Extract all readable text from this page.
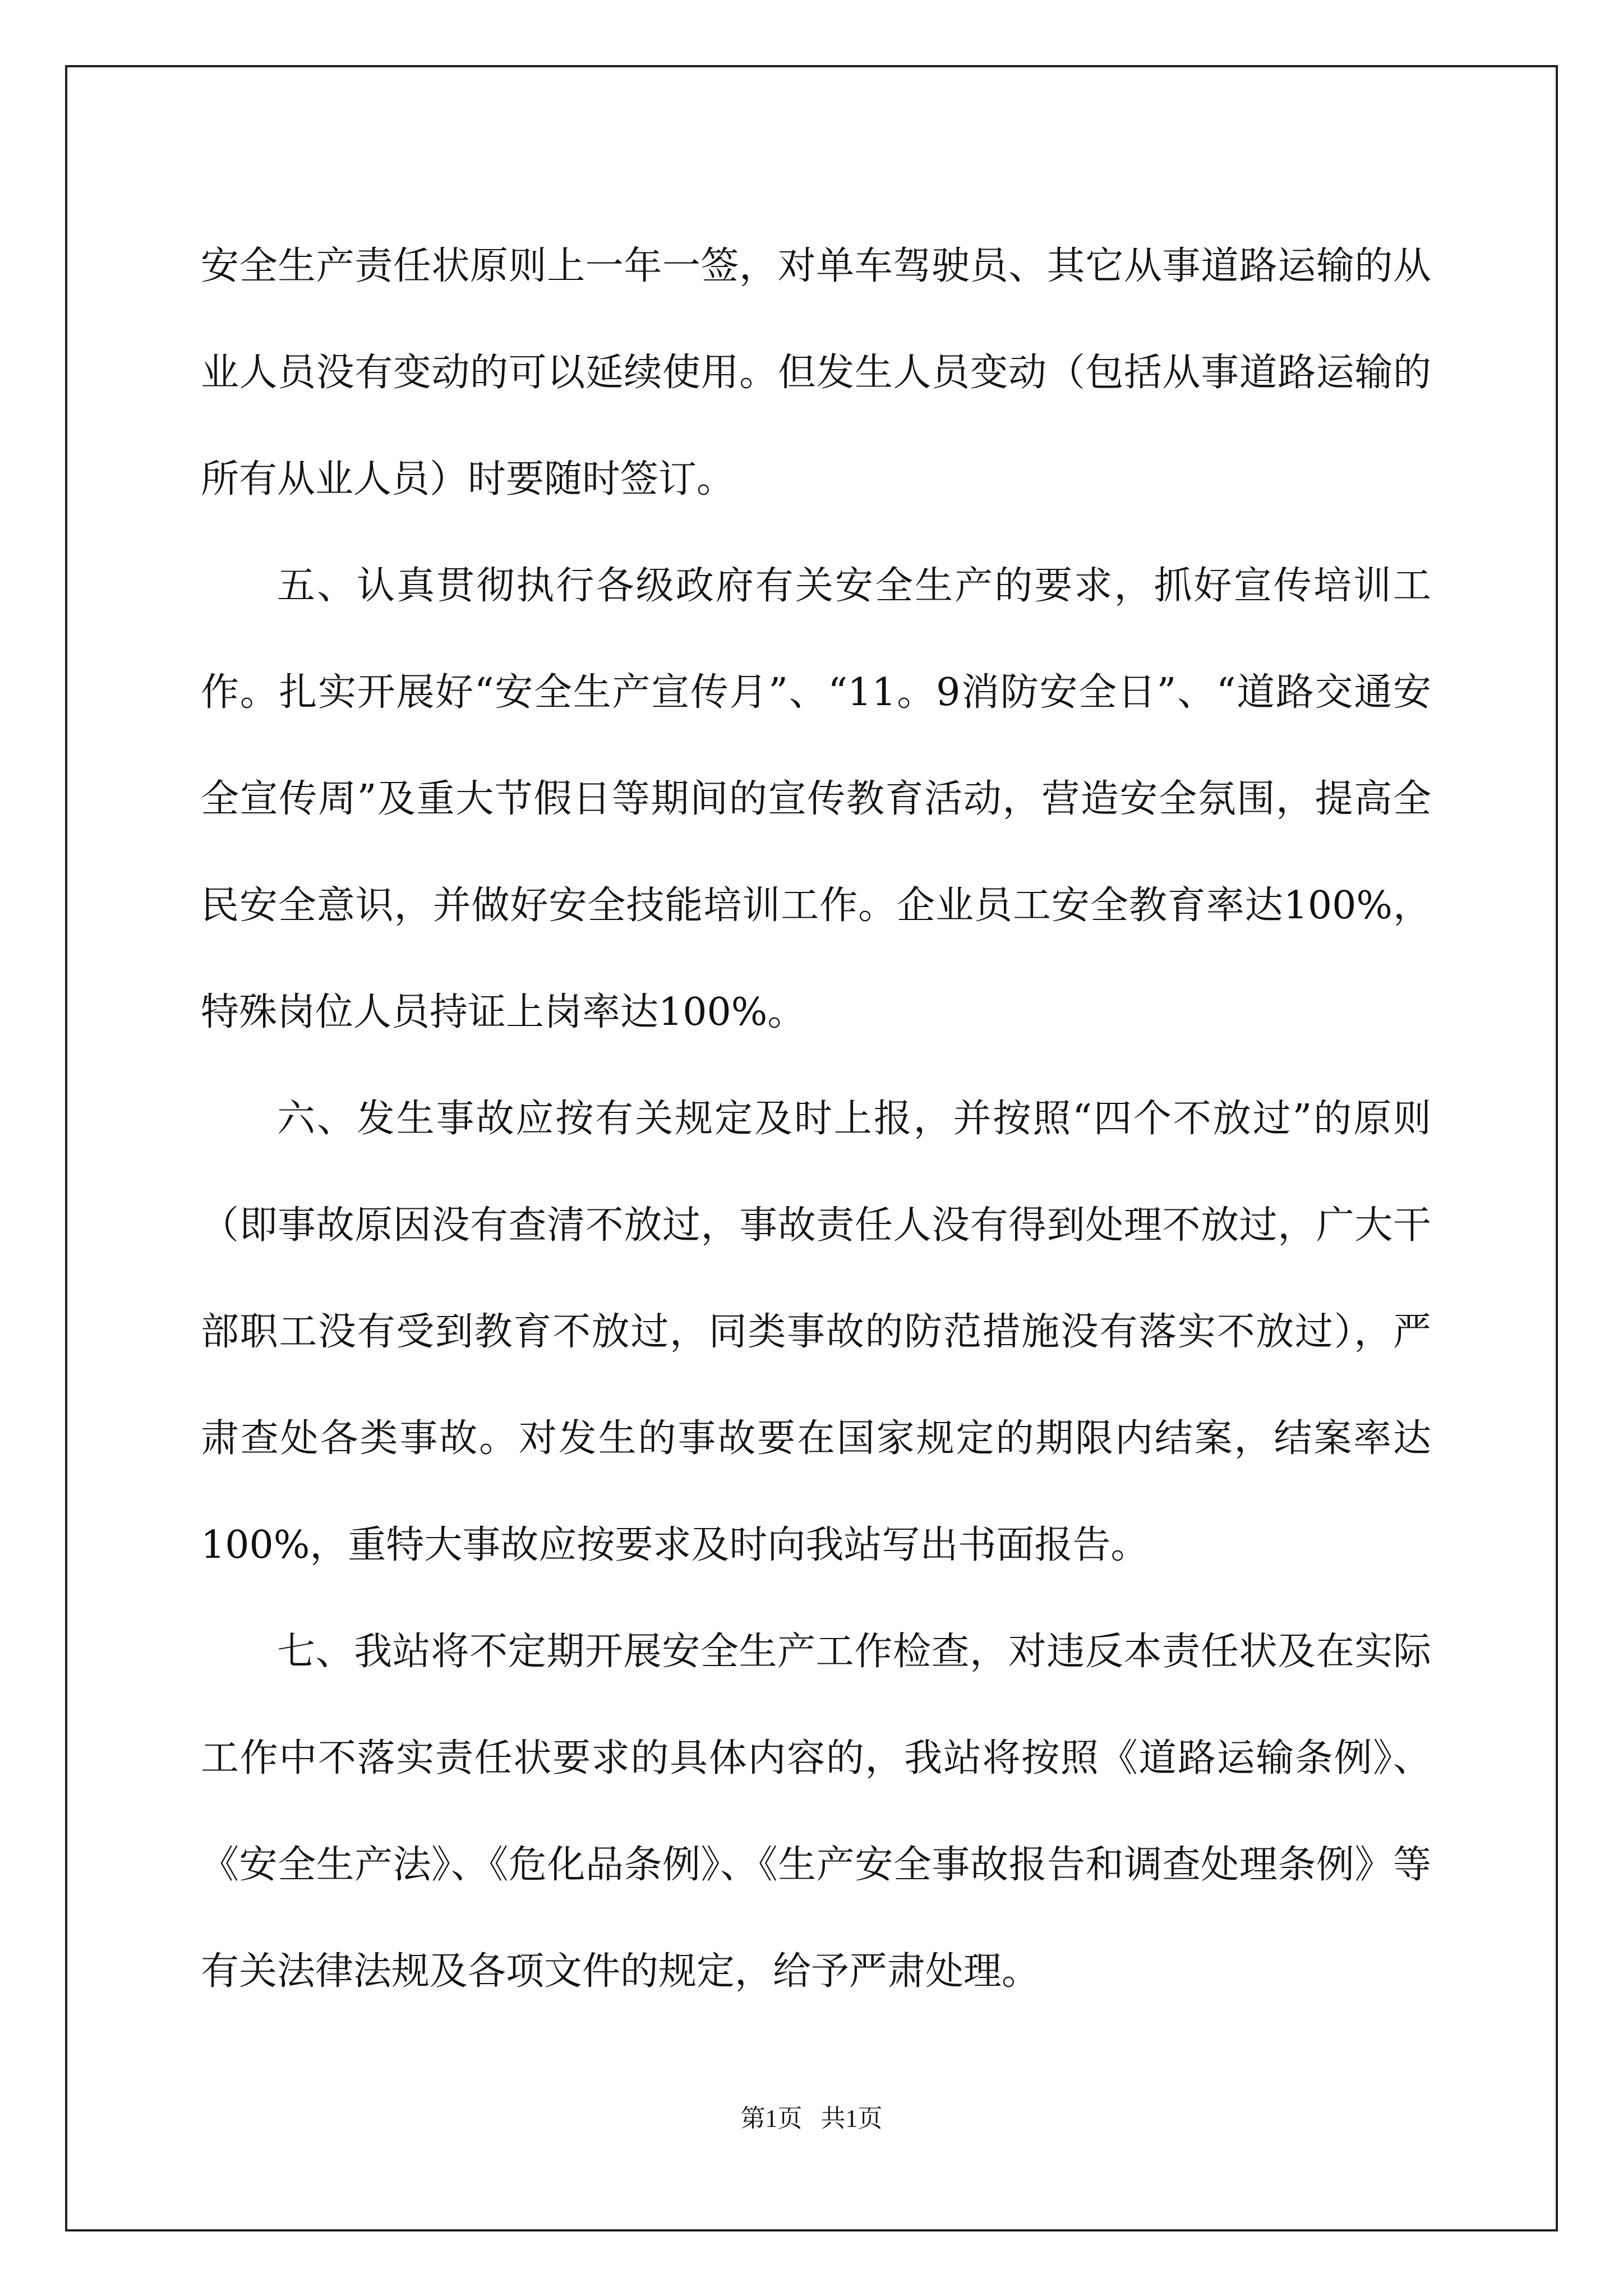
安全生产责任状原则上一年一签，对单车驾驶员、其它从事道路运输的从业人员没有变动的可以延续使用。但发生人员变动（包括从事道路运输的所有从业人员）时要随时签订。

五、认真贯彻执行各级政府有关安全生产的要求，抓好宣传培训工作。扎实开展好“安全生产宣传月”、“11。9消防安全日”、“道路交通安全宣传周”及重大节假日等期间的宣传教育活动，营造安全氛围，提高全民安全意识，并做好安全技能培训工作。企业员工安全教育率达100%，特殊岗位人员持证上岗率达100%。

六、发生事故应按有关规定及时上报，并按照“四个不放过”的原则（即事故原因没有查清不放过，事故责任人没有得到处理不放过，广大干部职工没有受到教育不放过，同类事故的防范措施没有落实不放过），严肃查处各类事故。对发生的事故要在国家规定的期限内结案，结案率达100%，重特大事故应按要求及时向我站写出书面报告。

七、我站将不定期开展安全生产工作检查，对违反本责任状及在实际工作中不落实责任状要求的具体内容的，我站将按照《道路运输条例》、《安全生产法》、《危化品条例》、《生产安全事故报告和调查处理条例》等有关法律法规及各项文件的规定，给予严肃处理。

第1页   共1页
